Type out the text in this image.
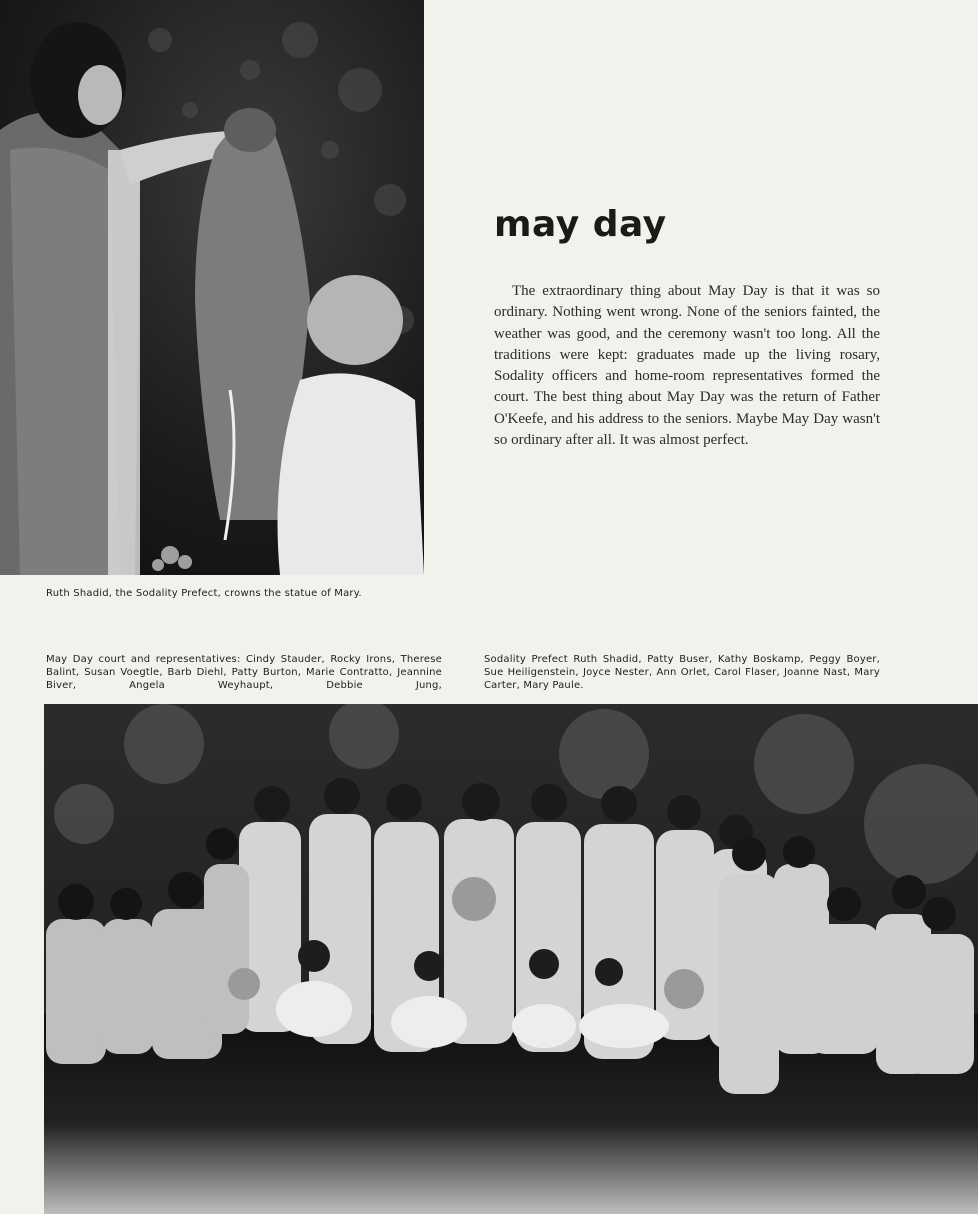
Ruth Shadid, the Sodality Prefect, crowns the statue of Mary.
may day

The extraordinary thing about May Day is that it was so ordinary. Nothing went wrong. None of the seniors fainted, the weather was good, and the ceremony wasn't too long. All the traditions were kept: graduates made up the living rosary, Sodality officers and home-room representatives formed the court. The best thing about May Day was the return of Father O'Keefe, and his address to the seniors. Maybe May Day wasn't so ordinary after all. It was almost perfect.

May Day court and representatives: Cindy Stauder, Rocky Irons, Therese Balint, Susan Voegtle, Barb Diehl, Patty Burton, Marie Contratto, Jeannine Biver, Angela Weyhaupt, Debbie Jung,
Sodality Prefect Ruth Shadid, Patty Buser, Kathy Boskamp, Peggy Boyer, Sue Heiligenstein, Joyce Nester, Ann Orlet, Carol Flaser, Joanne Nast, Mary Carter, Mary Paule.
